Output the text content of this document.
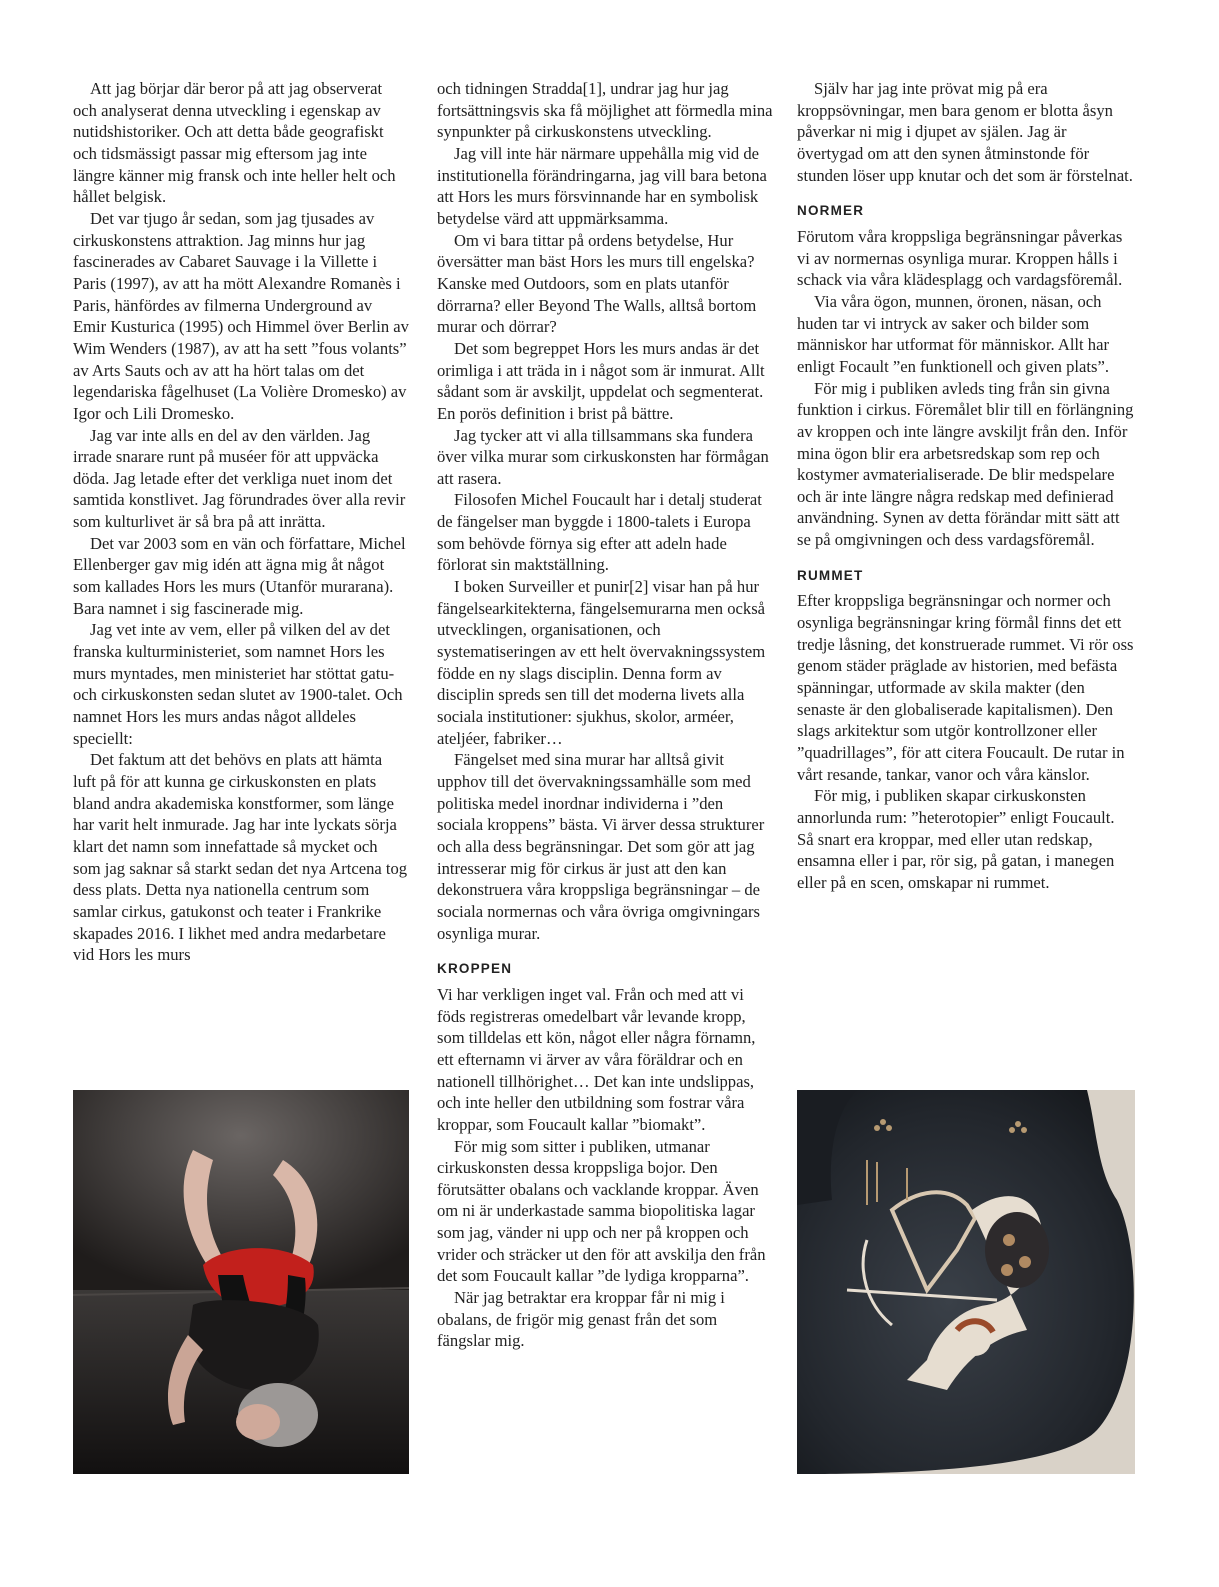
Att jag börjar där beror på att jag observerat och analyserat denna utveckling i egenskap av nutidshistoriker. Och att detta både geografiskt och tidsmässigt passar mig eftersom jag inte längre känner mig fransk och inte heller helt och hållet belgisk.

Det var tjugo år sedan, som jag tjusades av cirkuskonstens attraktion. Jag minns hur jag fascinerades av Cabaret Sauvage i la Villette i Paris (1997), av att ha mött Alexandre Romanès i Paris, hänfördes av filmerna Underground av Emir Kusturica (1995) och Himmel över Berlin av Wim Wenders (1987), av att ha sett ”fous volants” av Arts Sauts och av att ha hört talas om det legendariska fågelhuset (La Volière Dromesko) av Igor och Lili Dromesko.

Jag var inte alls en del av den världen. Jag irrade snarare runt på muséer för att uppväcka döda. Jag letade efter det verkliga nuet inom det samtida konstlivet. Jag förundrades över alla revir som kulturlivet är så bra på att inrätta.

Det var 2003 som en vän och författare, Michel Ellenberger gav mig idén att ägna mig åt något som kallades Hors les murs (Utanför murarana). Bara namnet i sig fascinerade mig.

Jag vet inte av vem, eller på vilken del av det franska kulturministeriet, som namnet Hors les murs myntades, men ministeriet har stöttat gatu- och cirkuskonsten sedan slutet av 1900-talet. Och namnet Hors les murs andas något alldeles speciellt:

Det faktum att det behövs en plats att hämta luft på för att kunna ge cirkuskonsten en plats bland andra akademiska konstformer, som länge har varit helt inmurade. Jag har inte lyckats sörja klart det namn som innefattade så mycket och som jag saknar så starkt sedan det nya Artcena tog dess plats. Detta nya nationella centrum som samlar cirkus, gatukonst och teater i Frankrike skapades 2016. I likhet med andra medarbetare vid Hors les murs

och tidningen Stradda[1], undrar jag hur jag fortsättningsvis ska få möjlighet att förmedla mina synpunkter på cirkuskonstens utveckling.

Jag vill inte här närmare uppehålla mig vid de institutionella förändringarna, jag vill bara betona att Hors les murs försvinnande har en symbolisk betydelse värd att uppmärksamma.

Om vi bara tittar på ordens betydelse, Hur översätter man bäst Hors les murs till engelska? Kanske med Outdoors, som en plats utanför dörrarna? eller Beyond The Walls, alltså bortom murar och dörrar?

Det som begreppet Hors les murs andas är det orimliga i att träda in i något som är inmurat. Allt sådant som är avskiljt, uppdelat och segmenterat. En porös definition i brist på bättre.

Jag tycker att vi alla tillsammans ska fundera över vilka murar som cirkuskonsten har förmågan att rasera.

Filosofen Michel Foucault har i detalj studerat de fängelser man byggde i 1800-talets i Europa som behövde förnya sig efter att adeln hade förlorat sin maktställning.

I boken Surveiller et punir[2] visar han på hur fängelsearkitekterna, fängelsemurarna men också utvecklingen, organisationen, och systematiseringen av ett helt övervakningssystem födde en ny slags disciplin. Denna form av disciplin spreds sen till det moderna livets alla sociala institutioner: sjukhus, skolor, arméer, ateljéer, fabriker…

Fängelset med sina murar har alltså givit upphov till det övervakningssamhälle som med politiska medel inordnar individerna i ”den sociala kroppens” bästa. Vi ärver dessa strukturer och alla dess begränsningar. Det som gör att jag intresserar mig för cirkus är just att den kan dekonstruera våra kroppsliga begränsningar – de sociala normernas och våra övriga omgivningars osynliga murar.

KROPPEN

Vi har verkligen inget val. Från och med att vi föds registreras omedelbart vår levande kropp, som tilldelas ett kön, något eller några förnamn, ett efternamn vi ärver av våra föräldrar och en nationell tillhörighet… Det kan inte undslippas, och inte heller den utbildning som fostrar våra kroppar, som Foucault kallar ”biomakt”.

För mig som sitter i publiken, utmanar cirkuskonsten dessa kroppsliga bojor. Den förutsätter obalans och vacklande kroppar. Även om ni är underkastade samma biopolitiska lagar som jag, vänder ni upp och ner på kroppen och vrider och sträcker ut den för att avskilja den från det som Foucault kallar ”de lydiga kropparna”.

När jag betraktar era kroppar får ni mig i obalans, de frigör mig genast från det som fängslar mig.

Själv har jag inte prövat mig på era kroppsövningar, men bara genom er blotta åsyn påverkar ni mig i djupet av själen. Jag är övertygad om att den synen åtminstonde för stunden löser upp knutar och det som är förstelnat.

NORMER

Förutom våra kroppsliga begränsningar påverkas vi av normernas osynliga murar. Kroppen hålls i schack via våra klädesplagg och vardagsföremål.

Via våra ögon, munnen, öronen, näsan, och huden tar vi intryck av saker och bilder som människor har utformat för människor. Allt har enligt Focault ”en funktionell och given plats”.

För mig i publiken avleds ting från sin givna funktion i cirkus. Föremålet blir till en förlängning av kroppen och inte längre avskiljt från den. Inför mina ögon blir era arbetsredskap som rep och kostymer avmaterialiserade. De blir medspelare och är inte längre några redskap med definierad användning. Synen av detta förändar mitt sätt att se på omgivningen och dess vardagsföremål.

RUMMET

Efter kroppsliga begränsningar och normer och osynliga begränsningar kring förmål finns det ett tredje låsning, det konstruerade rummet. Vi rör oss genom städer präglade av historien, med befästa spänningar, utformade av skila makter (den senaste är den globaliserade kapitalismen). Den slags arkitektur som utgör kontrollzoner eller ”quadrillages”, för att citera Foucault. De rutar in vårt resande, tankar, vanor och våra känslor.

För mig, i publiken skapar cirkuskonsten annorlunda rum: ”heterotopier” enligt Foucault. Så snart era kroppar, med eller utan redskap, ensamna eller i par, rör sig, på gatan, i manegen eller på en scen, omskapar ni rummet.
